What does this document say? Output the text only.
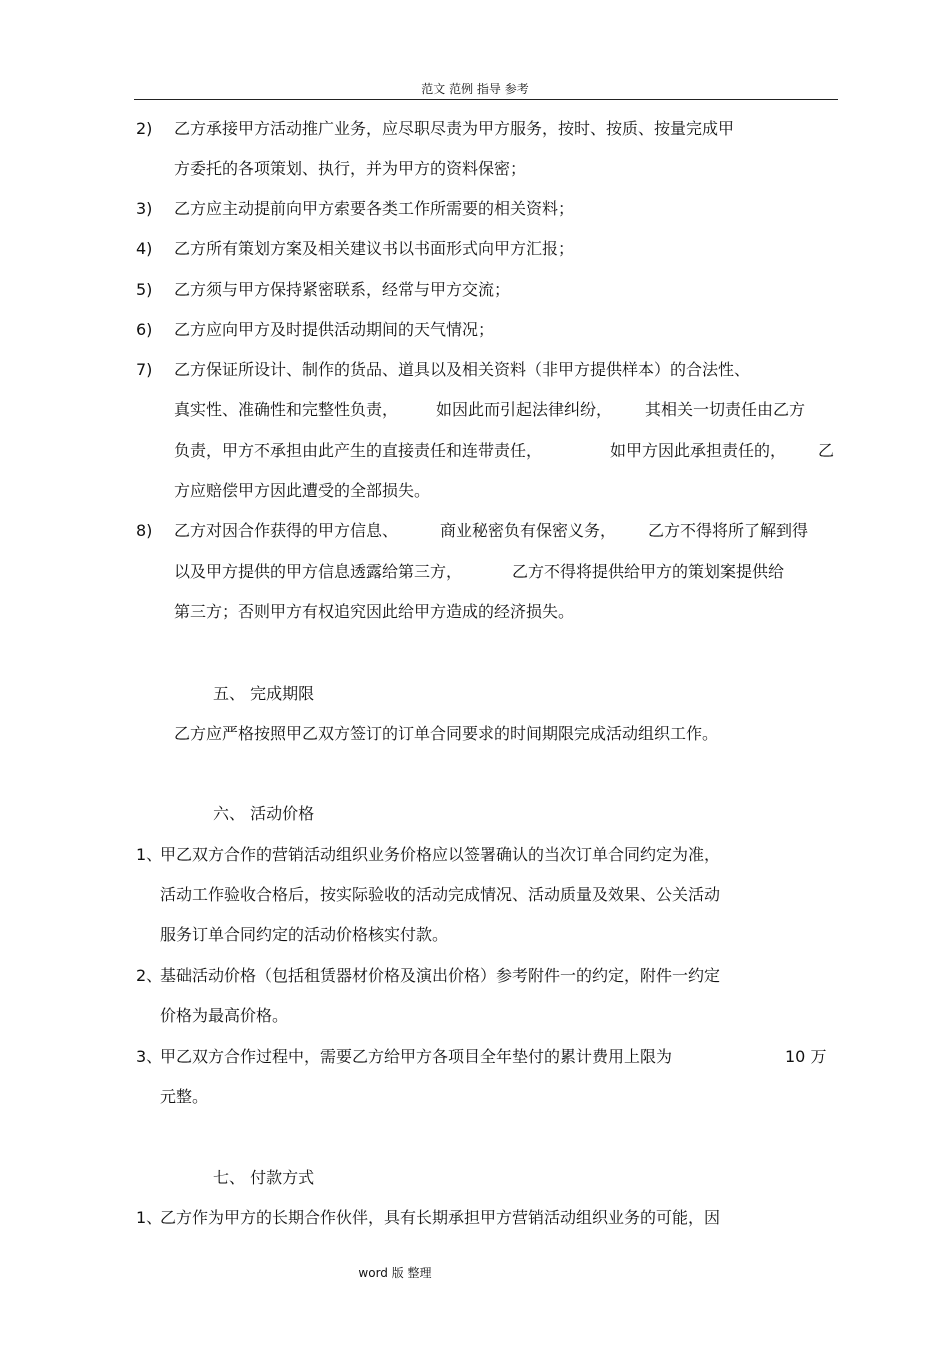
范文 范例 指导 参考
2) 乙方承接甲方活动推广业务，应尽职尽责为甲方服务，按时、按质、按量完成甲
方委托的各项策划、执行，并为甲方的资料保密；
3) 乙方应主动提前向甲方索要各类工作所需要的相关资料；
4) 乙方所有策划方案及相关建议书以书面形式向甲方汇报；
5) 乙方须与甲方保持紧密联系，经常与甲方交流；
6) 乙方应向甲方及时提供活动期间的天气情况；
7) 乙方保证所设计、制作的货品、道具以及相关资料（非甲方提供样本）的合法性、
真实性、准确性和完整性负责， 如因此而引起法律纠纷， 其相关一切责任由乙方
负责，甲方不承担由此产生的直接责任和连带责任，	如甲方因此承担责任的， 乙
方应赔偿甲方因此遭受的全部损失。
8) 乙方对因合作获得的甲方信息、	商业秘密负有保密义务， 乙方不得将所了解到得
以及甲方提供的甲方信息透露给第三方，	乙方不得将提供给甲方的策划案提供给
第三方；否则甲方有权追究因此给甲方造成的经济损失。
五、 完成期限
乙方应严格按照甲乙双方签订的订单合同要求的时间期限完成活动组织工作。
六、 活动价格
1、
甲乙双方合作的营销活动组织业务价格应以签署确认的当次订单合同约定为准，
活动工作验收合格后，按实际验收的活动完成情况、活动质量及效果、公关活动
服务订单合同约定的活动价格核实付款。
2、
基础活动价格（包括租赁器材价格及演出价格）参考附件一的约定，附件一约定
价格为最高价格。
3、
甲乙双方合作过程中，需要乙方给甲方各项目全年垫付的累计费用上限为	10 万
元整。
七、 付款方式
1、
乙方作为甲方的长期合作伙伴，具有长期承担甲方营销活动组织业务的可能，因
word 版 整理
